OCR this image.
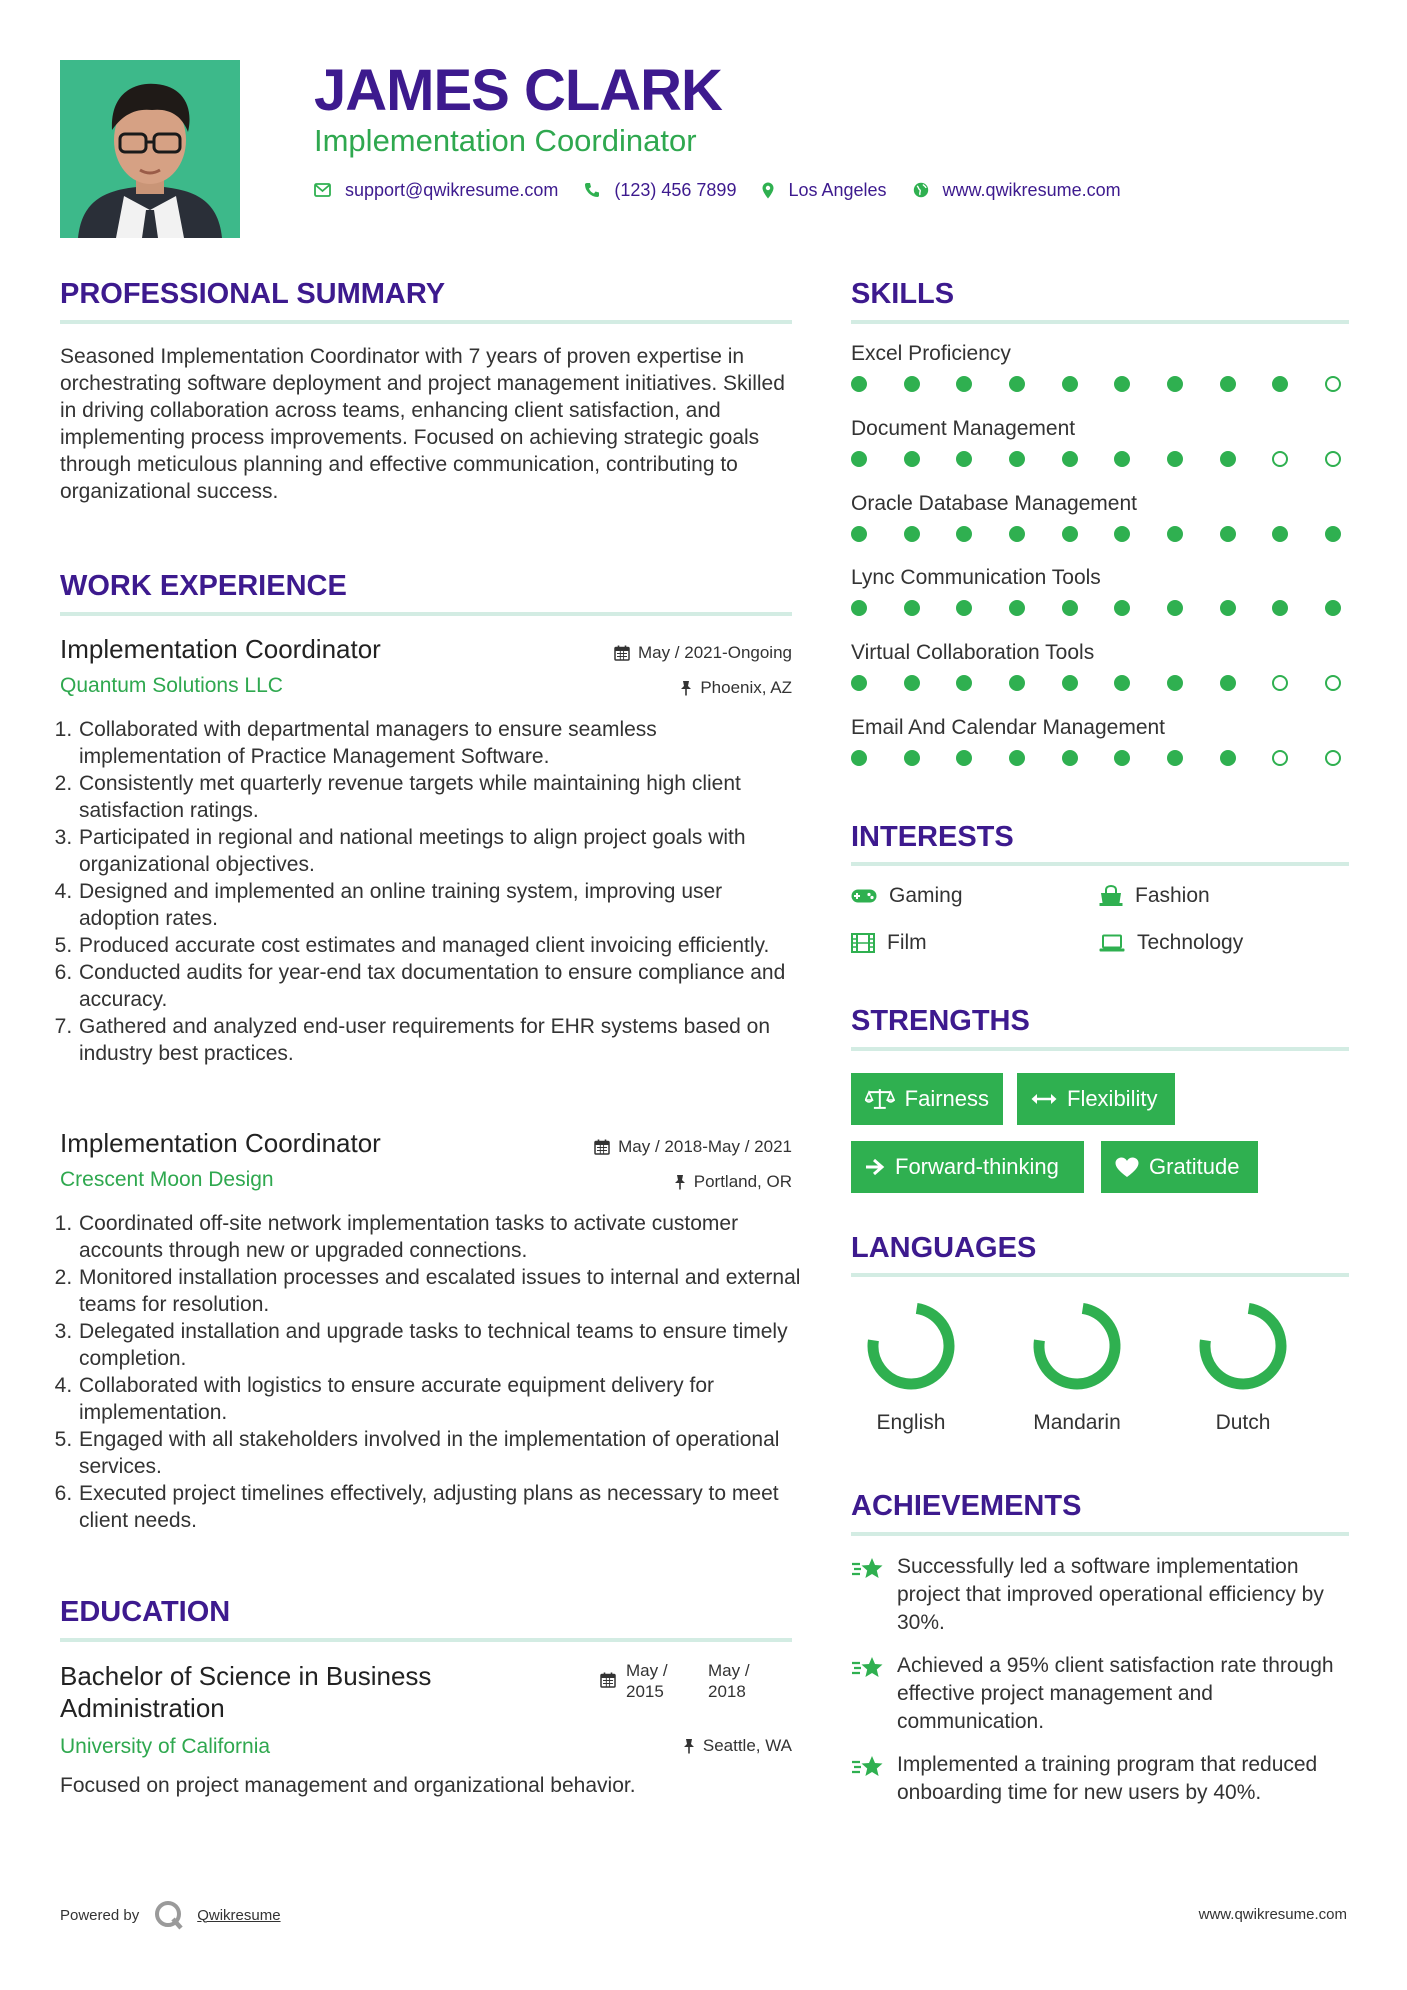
JAMES CLARK
Implementation Coordinator
support@qwikresume.com	(123) 456 7899	Los Angeles	www.qwikresume.com
PROFESSIONAL SUMMARY
Seasoned Implementation Coordinator with 7 years of proven expertise in orchestrating software deployment and project management initiatives. Skilled in driving collaboration across teams, enhancing client satisfaction, and implementing process improvements. Focused on achieving strategic goals through meticulous planning and effective communication, contributing to organizational success.
WORK EXPERIENCE
Implementation Coordinator	May / 2021-Ongoing
Quantum Solutions LLC	Phoenix, AZ
1. Collaborated with departmental managers to ensure seamless implementation of Practice Management Software.
2. Consistently met quarterly revenue targets while maintaining high client satisfaction ratings.
3. Participated in regional and national meetings to align project goals with organizational objectives.
4. Designed and implemented an online training system, improving user adoption rates.
5. Produced accurate cost estimates and managed client invoicing efficiently.
6. Conducted audits for year-end tax documentation to ensure compliance and accuracy.
7. Gathered and analyzed end-user requirements for EHR systems based on industry best practices.
Implementation Coordinator	May / 2018-May / 2021
Crescent Moon Design	Portland, OR
1. Coordinated off-site network implementation tasks to activate customer accounts through new or upgraded connections.
2. Monitored installation processes and escalated issues to internal and external teams for resolution.
3. Delegated installation and upgrade tasks to technical teams to ensure timely completion.
4. Collaborated with logistics to ensure accurate equipment delivery for implementation.
5. Engaged with all stakeholders involved in the implementation of operational services.
6. Executed project timelines effectively, adjusting plans as necessary to meet client needs.
EDUCATION
Bachelor of Science in Business Administration
May /
2015
May /
2018
University of California	Seattle, WA
Focused on project management and organizational behavior.
SKILLS
Excel Proficiency
Document Management
Oracle Database Management
Lync Communication Tools
Virtual Collaboration Tools
Email And Calendar Management
INTERESTS
Gaming	Fashion
Film	Technology
STRENGTHS
Fairness	Flexibility
Forward-thinking	Gratitude
LANGUAGES
English	Mandarin	Dutch
ACHIEVEMENTS
Successfully led a software implementation project that improved operational efficiency by 30%.
Achieved a 95% client satisfaction rate through effective project management and communication.
Implemented a training program that reduced onboarding time for new users by 40%.
Powered by	Qwikresume	www.qwikresume.com
